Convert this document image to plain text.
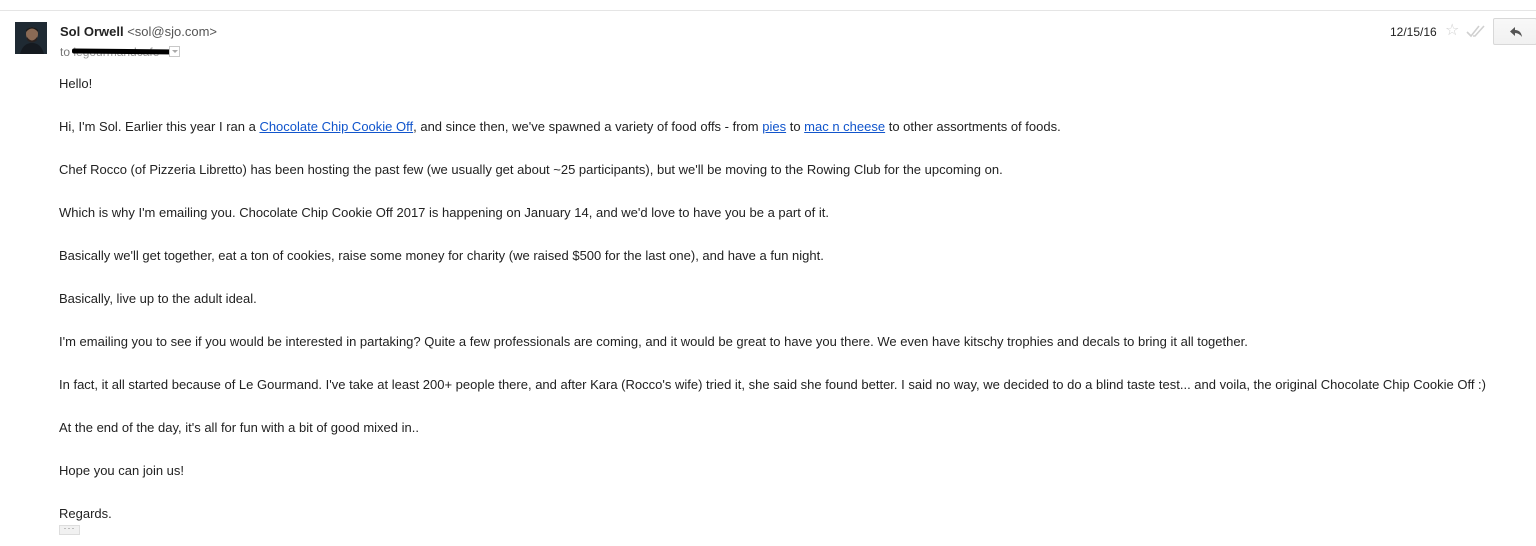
Sol Orwell <sol@sjo.com>
to
12/15/16 ☆

Hello!

Hi, I'm Sol. Earlier this year I ran a Chocolate Chip Cookie Off, and since then, we've spawned a variety of food offs - from pies to mac n cheese to other assortments of foods.

Chef Rocco (of Pizzeria Libretto) has been hosting the past few (we usually get about ~25 participants), but we'll be moving to the Rowing Club for the upcoming on.

Which is why I'm emailing you. Chocolate Chip Cookie Off 2017 is happening on January 14, and we'd love to have you be a part of it.

Basically we'll get together, eat a ton of cookies, raise some money for charity (we raised $500 for the last one), and have a fun night.

Basically, live up to the adult ideal.

I'm emailing you to see if you would be interested in partaking? Quite a few professionals are coming, and it would be great to have you there. We even have kitschy trophies and decals to bring it all together.

In fact, it all started because of Le Gourmand. I've take at least 200+ people there, and after Kara (Rocco's wife) tried it, she said she found better. I said no way, we decided to do a blind taste test... and voila, the original Chocolate Chip Cookie Off :)

At the end of the day, it's all for fun with a bit of good mixed in..

Hope you can join us!

Regards.

···
